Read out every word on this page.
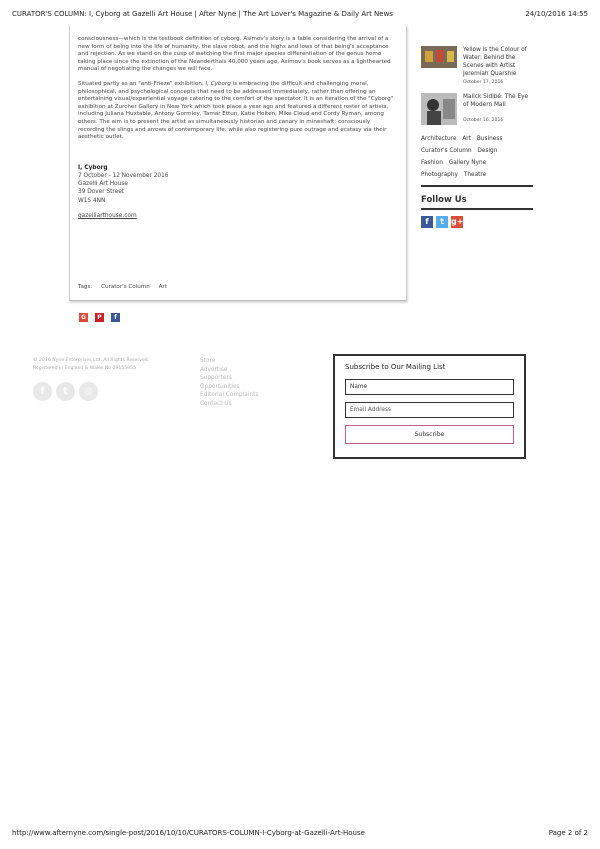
CURATOR'S COLUMN: I, Cyborg at Gazelli Art House | After Nyne | The Art Lover's Magazine & Daily Art News	24/10/2016 14:55

consciousness—which is the testbook definition of cyborg. Asimov's story is a fable considering the arrival of a new form of being into the life of humanity, the slave robot, and the highs and lows of that being's acceptance and rejection. As we stand on the cusp of watching the first major species differentiation of the genus homo taking place since the extinction of the Neanderthals 40,000 years ago, Asimov's book serves as a lighthearted manual of negotiating the changes we will face.

Situated partly as an "anti-Frieze" exhibition, I, Cyborg is embracing the difficult and challenging moral, philosophical, and psychological concepts that need to be addressed immediately, rather than offering an entertaining visual/experiential voyage catering to the comfort of the spectator. It is an iteration of the "Cyborg" exhibition at Zurcher Gallery in New York which took place a year ago and featured a different roster of artists, including Juliana Huxtable, Antony Gormley, Tamar Ettun, Katie Holten, Mike Cloud and Cordy Ryman, among others. The aim is to present the artist as simultaneously historian and canary in mineshaft; consciously recording the slings and arrows of contemporary life, while also registering pure outrage and ecstasy via their aesthetic outlet.

I, Cyborg
7 October - 12 November 2016
Gazelli Art House
39 Dover Street
W1S 4NN
gazelliarthouse.com
Tags: Curator's Column Art
G	P	f
Yellow is the Colour of Water: Behind the Scenes with Artist Jeremiah Quarshie
October 17, 2016
Malick Sidibé: The Eye of Modern Mali
October 16, 2016
Architecture Art Business
Curator's Column Design
Fashion Gallery Nyne
Photography Theatre
Follow Us
f	t g+
© 2016 Nyne Enterprises Ltd. All Rights Reserved.
Registered in England & Wales No 09155955
f	t	◎
Store
Advertise
Supporters
Opportunities
Editorial Complaints
Contact Us
Subscribe to Our Mailing List
Name
Email Address
Subscribe
http://www.afternyne.com/single-post/2016/10/10/CURATORS-COLUMN-I-Cyborg-at-Gazelli-Art-House	Page 2 of 2
